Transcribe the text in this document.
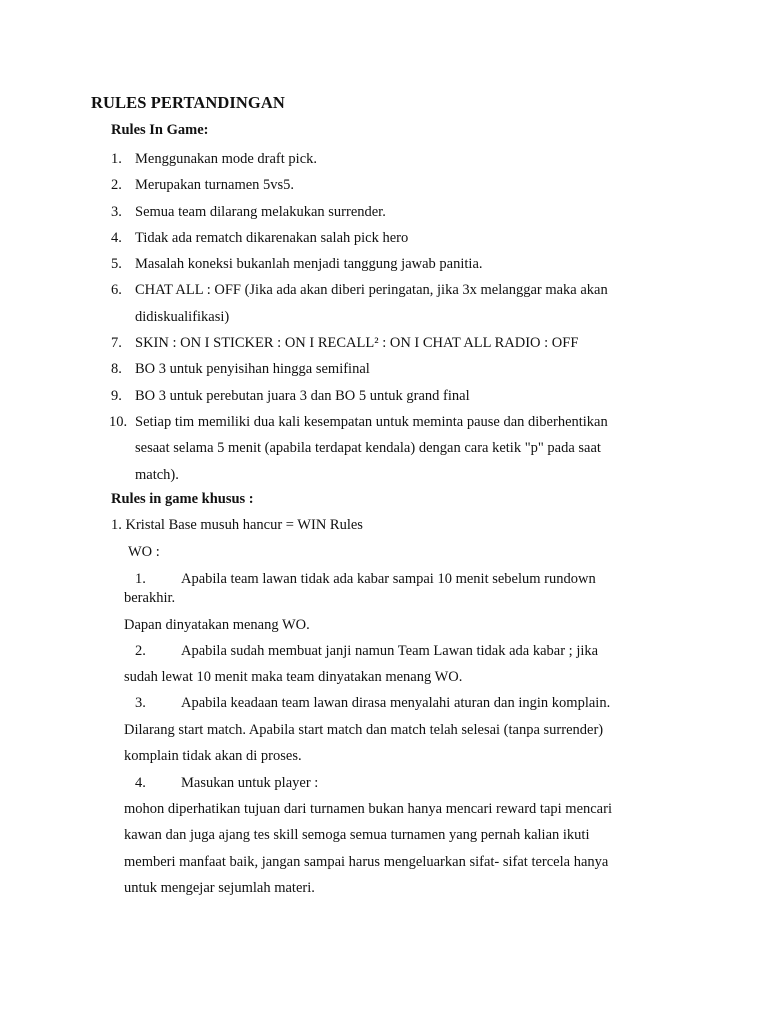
RULES PERTANDINGAN
Rules In Game:
1. Menggunakan mode draft pick.
2. Merupakan turnamen 5vs5.
3. Semua team dilarang melakukan surrender.
4. Tidak ada rematch dikarenakan salah pick hero
5. Masalah koneksi bukanlah menjadi tanggung jawab panitia.
6. CHAT ALL : OFF (Jika ada akan diberi peringatan, jika 3x melanggar maka akan didiskualifikasi)
7. SKIN : ON I STICKER : ON I RECALL² : ON I CHAT ALL RADIO : OFF
8. BO 3 untuk penyisihan hingga semifinal
9. BO 3 untuk perebutan juara 3 dan BO 5 untuk grand final
10. Setiap tim memiliki dua kali kesempatan untuk meminta pause dan diberhentikan sesaat selama 5 menit (apabila terdapat kendala) dengan cara ketik "p" pada saat match).
Rules in game khusus :
1. Kristal Base musuh hancur = WIN Rules
WO :
1. Apabila team lawan tidak ada kabar sampai 10 menit sebelum rundown
berakhir.
Dapan dinyatakan menang WO.
2. Apabila sudah membuat janji namun Team Lawan tidak ada kabar ; jika
sudah lewat 10 menit maka team dinyatakan menang WO.
3. Apabila keadaan team lawan dirasa menyalahi aturan dan ingin komplain.
Dilarang start match. Apabila start match dan match telah selesai (tanpa surrender)
komplain tidak akan di proses.
4. Masukan untuk player :
mohon diperhatikan tujuan dari turnamen bukan hanya mencari reward tapi mencari
kawan dan juga ajang tes skill semoga semua turnamen yang pernah kalian ikuti
memberi manfaat baik, jangan sampai harus mengeluarkan sifat- sifat tercela hanya
untuk mengejar sejumlah materi.
